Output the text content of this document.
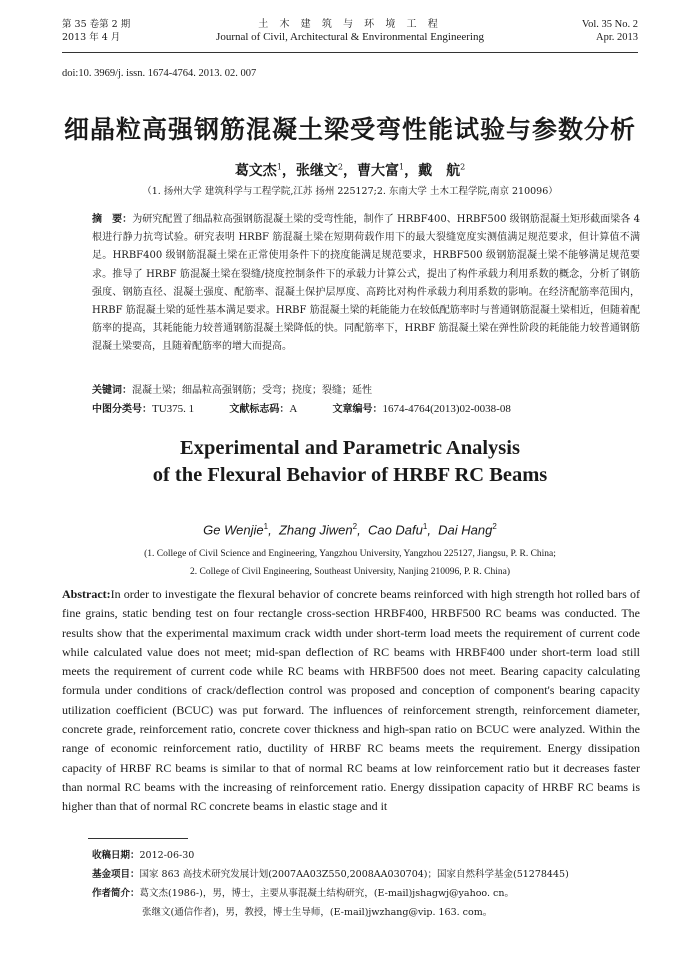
第 35 卷第 2 期
2013 年 4 月
土 木 建 筑 与 环 境 工 程
Journal of Civil, Architectural & Environmental Engineering
Vol. 35 No. 2
Apr. 2013
doi:10. 3969/j. issn. 1674-4764. 2013. 02. 007
细晶粒高强钢筋混凝土梁受弯性能试验与参数分析
葛文杰$^1$，张继文$^2$，曹大富$^1$，戴　航$^2$
（1. 扬州大学 建筑科学与工程学院,江苏 扬州 225127;2. 东南大学 土木工程学院,南京 210096）
摘　要：为研究配置了细晶粒高强钢筋混凝土梁的受弯性能，制作了 HRBF400、HRBF500 级钢筋混凝土矩形截面梁各 4 根进行静力抗弯试验。研究表明 HRBF 筋混凝土梁在短期荷载作用下的最大裂缝宽度实测值满足规范要求，但计算值不满足。HRBF400 级钢筋混凝土梁在正常使用条件下的挠度能满足规范要求，HRBF500 级钢筋混凝土梁不能够满足规范要求。推导了 HRBF 筋混凝土梁在裂缝/挠度控制条件下的承载力计算公式，提出了构件承载力利用系数的概念，分析了钢筋强度、钢筋直径、混凝土强度、配筋率、混凝土保护层厚度、高跨比对构件承载力利用系数的影响。在经济配筋率范围内，HRBF 筋混凝土梁的延性基本满足要求。HRBF 筋混凝土梁的耗能能力在较低配筋率时与普通钢筋混凝土梁相近，但随着配筋率的提高，其耗能能力较普通钢筋混凝土梁降低的快。同配筋率下，HRBF 筋混凝土梁在弹性阶段的耗能能力较普通钢筋混凝土梁要高，且随着配筋率的增大而提高。
关键词：混凝土梁；细晶粒高强钢筋；受弯；挠度；裂缝；延性
中图分类号：TU375. 1	文献标志码：A	文章编号：1674-4764(2013)02-0038-08
Experimental and Parametric Analysis
of the Flexural Behavior of HRBF RC Beams
Ge Wenjie$^1$,  Zhang Jiwen$^2$,  Cao Dafu$^1$,  Dai Hang$^2$
(1. College of Civil Science and Engineering, Yangzhou University, Yangzhou 225127, Jiangsu, P. R. China;
2. College of Civil Engineering, Southeast University, Nanjing 210096, P. R. China)
Abstract:In order to investigate the flexural behavior of concrete beams reinforced with high strength hot rolled bars of fine grains, static bending test on four rectangle cross-section HRBF400, HRBF500 RC beams was conducted. The results show that the experimental maximum crack width under short-term load meets the requirement of current code while calculated value does not meet; mid-span deflection of RC beams with HRBF400 under short-term load still meets the requirement of current code while RC beams with HRBF500 does not meet. Bearing capacity calculating formula under conditions of crack/deflection control was proposed and conception of component's bearing capacity utilization coefficient (BCUC) was put forward. The influences of reinforcement strength, reinforcement diameter, concrete grade, reinforcement ratio, concrete cover thickness and high-span ratio on BCUC were analyzed. Within the range of economic reinforcement ratio, ductility of HRBF RC beams meets the requirement. Energy dissipation capacity of HRBF RC beams is similar to that of normal RC beams at low reinforcement ratio but it decreases faster than normal RC beams with the increasing of reinforcement ratio. Energy dissipation capacity of HRBF RC beams is higher than that of normal RC concrete beams in elastic stage and it
收稿日期：2012-06-30
基金项目：国家 863 高技术研究发展计划(2007AA03Z550,2008AA030704)；国家自然科学基金(51278445)
作者简介：葛文杰(1986-)，男，博士，主要从事混凝土结构研究，(E-mail)jshagwj@yahoo. cn。
张继文(通信作者)，男，教授，博士生导师，(E-mail)jwzhang@vip. 163. com。
